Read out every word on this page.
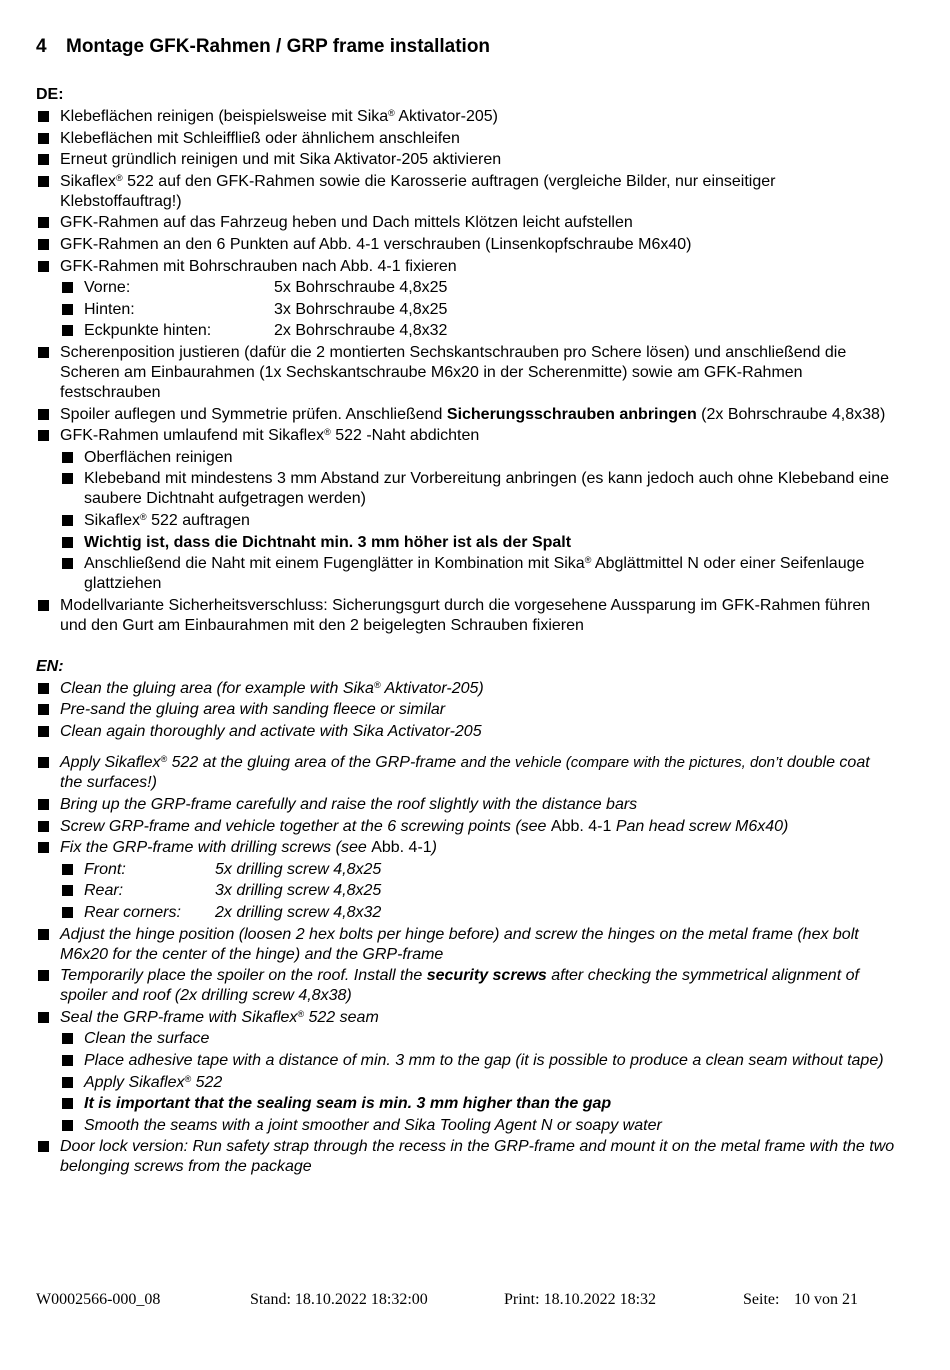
4 Montage GFK-Rahmen / GRP frame installation
DE:
Klebeflächen reinigen (beispielsweise mit Sika® Aktivator-205)
Klebeflächen mit Schleiffließ oder ähnlichem anschleifen
Erneut gründlich reinigen und mit Sika Aktivator-205 aktivieren
Sikaflex® 522 auf den GFK-Rahmen sowie die Karosserie auftragen (vergleiche Bilder, nur einseitiger Klebstoffauftrag!)
GFK-Rahmen auf das Fahrzeug heben und Dach mittels Klötzen leicht aufstellen
GFK-Rahmen an den 6 Punkten auf Abb. 4-1 verschrauben (Linsenkopfschraube M6x40)
GFK-Rahmen mit Bohrschrauben nach Abb. 4-1 fixieren
Vorne:	5x Bohrschraube 4,8x25
Hinten:	3x Bohrschraube 4,8x25
Eckpunkte hinten:	2x Bohrschraube 4,8x32
Scherenposition justieren (dafür die 2 montierten Sechskantschrauben pro Schere lösen) und anschließend die Scheren am Einbaurahmen (1x Sechskantschraube M6x20 in der Scherenmitte) sowie am GFK-Rahmen festschrauben
Spoiler auflegen und Symmetrie prüfen. Anschließend Sicherungsschrauben anbringen (2x Bohrschraube 4,8x38)
GFK-Rahmen umlaufend mit Sikaflex® 522 -Naht abdichten
Oberflächen reinigen
Klebeband mit mindestens 3 mm Abstand zur Vorbereitung anbringen (es kann jedoch auch ohne Klebeband eine saubere Dichtnaht aufgetragen werden)
Sikaflex® 522 auftragen
Wichtig ist, dass die Dichtnaht min. 3 mm höher ist als der Spalt
Anschließend die Naht mit einem Fugenglätter in Kombination mit Sika® Abglättmittel N oder einer Seifenlauge glattziehen
Modellvariante Sicherheitsverschluss: Sicherungsgurt durch die vorgesehene Aussparung im GFK-Rahmen führen und den Gurt am Einbaurahmen mit den 2 beigelegten Schrauben fixieren
EN:
Clean the gluing area (for example with Sika® Aktivator-205)
Pre-sand the gluing area with sanding fleece or similar
Clean again thoroughly and activate with Sika Activator-205
Apply Sikaflex® 522 at the gluing area of the GRP-frame and the vehicle (compare with the pictures, don’t double coat the surfaces!)
Bring up the GRP-frame carefully and raise the roof slightly with the distance bars
Screw GRP-frame and vehicle together at the 6 screwing points (see Abb. 4-1 Pan head screw M6x40)
Fix the GRP-frame with drilling screws (see Abb. 4-1)
Front:	5x drilling screw 4,8x25
Rear:	3x drilling screw 4,8x25
Rear corners: 2x drilling screw 4,8x32
Adjust the hinge position (loosen 2 hex bolts per hinge before) and screw the hinges on the metal frame (hex bolt M6x20 for the center of the hinge) and the GRP-frame
Temporarily place the spoiler on the roof. Install the security screws after checking the symmetrical alignment of spoiler and roof (2x drilling screw 4,8x38)
Seal the GRP-frame with Sikaflex® 522 seam
Clean the surface
Place adhesive tape with a distance of min. 3 mm to the gap (it is possible to produce a clean seam without tape)
Apply Sikaflex® 522
It is important that the sealing seam is min. 3 mm higher than the gap
Smooth the seams with a joint smoother and Sika Tooling Agent N or soapy water
Door lock version: Run safety strap through the recess in the GRP-frame and mount it on the metal frame with the two belonging screws from the package
W0002566-000_08	Stand: 18.10.2022 18:32:00	Print: 18.10.2022 18:32	Seite: 10 von 21
